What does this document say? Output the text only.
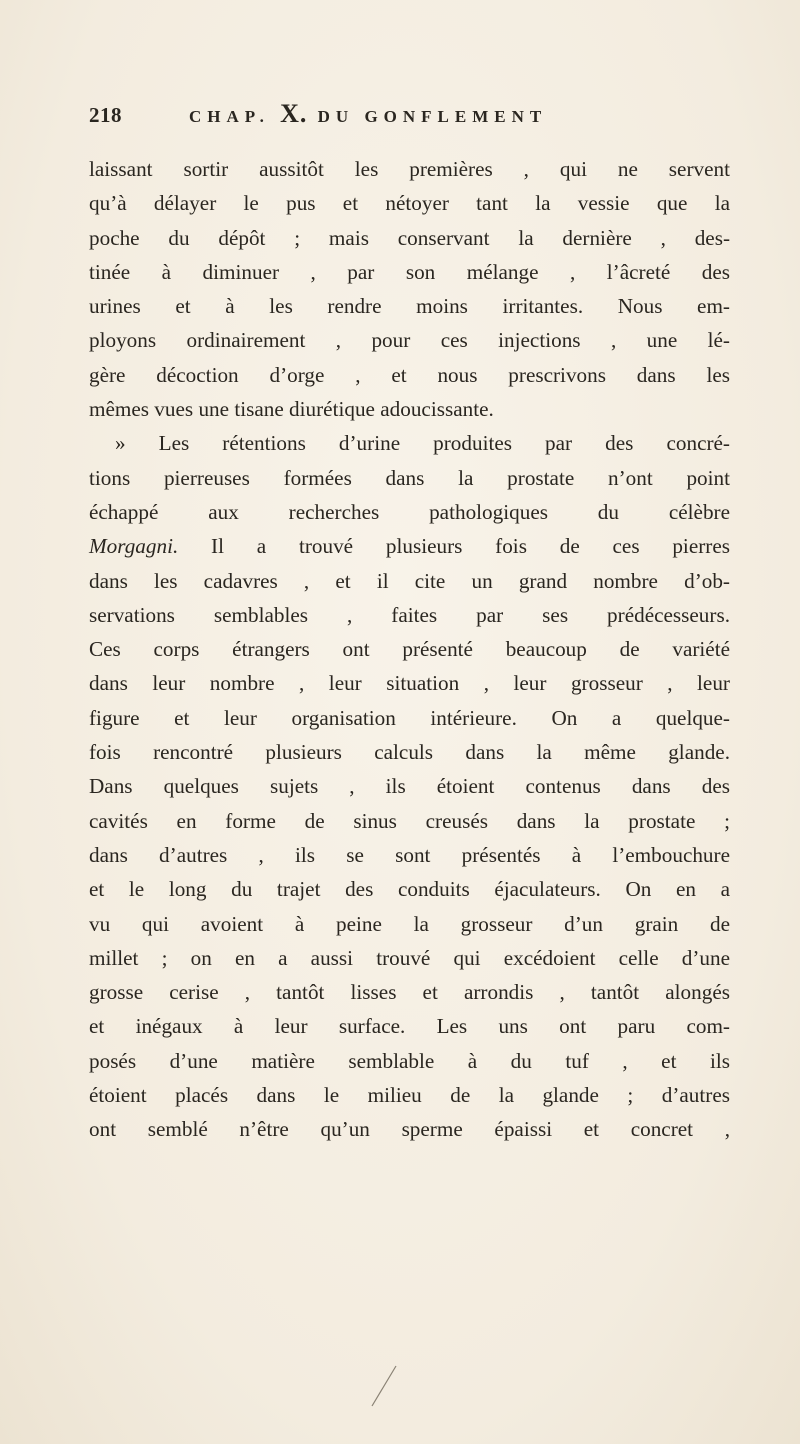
218	CHAP. X. DU GONFLEMENT
laissant sortir aussitôt les premières , qui ne servent
qu’à délayer le pus et nétoyer tant la vessie que la
poche du dépôt ; mais conservant la dernière , des-
tinée à diminuer , par son mélange , l’âcreté des
urines et à les rendre moins irritantes. Nous em-
ployons ordinairement , pour ces injections , une lé-
gère décoction d’orge , et nous prescrivons dans les
mêmes vues une tisane diurétique adoucissante.
» Les rétentions d’urine produites par des concré-
tions pierreuses formées dans la prostate n’ont point
échappé aux recherches pathologiques du célèbre
Morgagni. Il a trouvé plusieurs fois de ces pierres
dans les cadavres , et il cite un grand nombre d’ob-
servations semblables , faites par ses prédécesseurs.
Ces corps étrangers ont présenté beaucoup de variété
dans leur nombre , leur situation , leur grosseur , leur
figure et leur organisation intérieure. On a quelque-
fois rencontré plusieurs calculs dans la même glande.
Dans quelques sujets , ils étoient contenus dans des
cavités en forme de sinus creusés dans la prostate ;
dans d’autres , ils se sont présentés à l’embouchure
et le long du trajet des conduits éjaculateurs. On en a
vu qui avoient à peine la grosseur d’un grain de
millet ; on en a aussi trouvé qui excédoient celle d’une
grosse cerise , tantôt lisses et arrondis , tantôt alongés
et inégaux à leur surface. Les uns ont paru com-
posés d’une matière semblable à du tuf , et ils
étoient placés dans le milieu de la glande ; d’autres
ont semblé n’être qu’un sperme épaissi et concret ,
